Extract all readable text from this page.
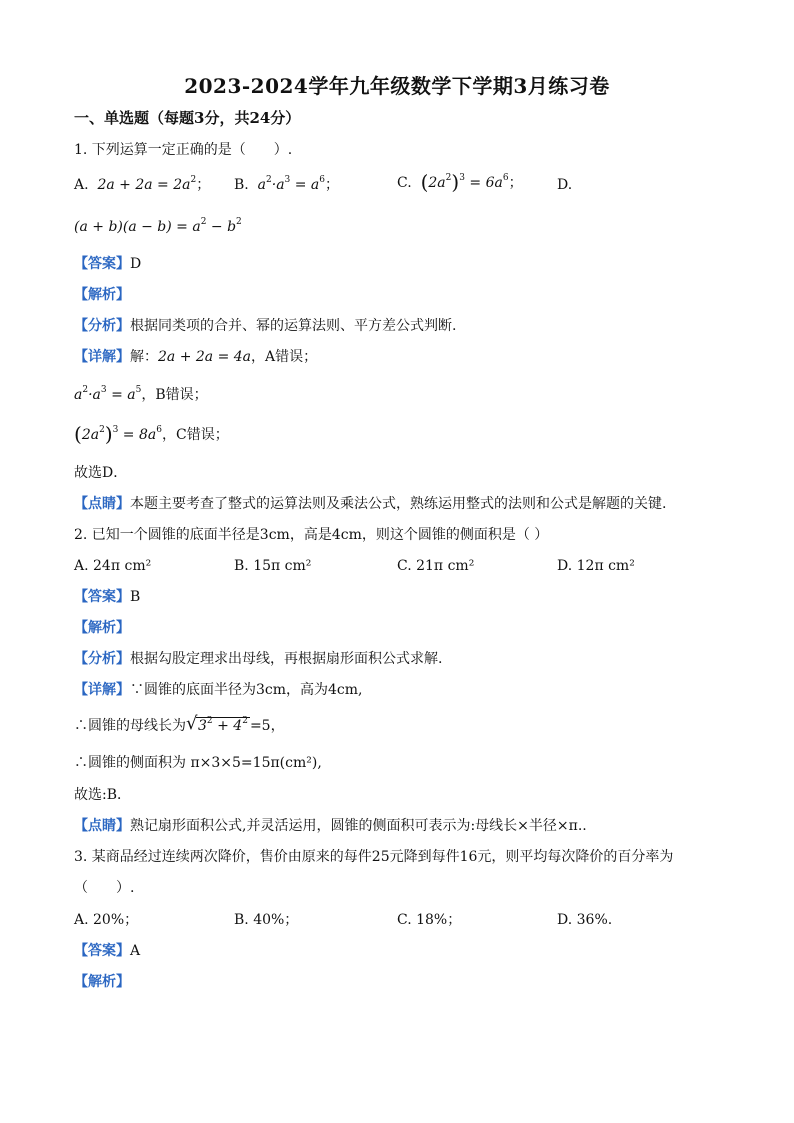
2023-2024学年九年级数学下学期3月练习卷
一、单选题（每题3分，共24分）
1. 下列运算一定正确的是（　　）.
A. $2a + 2a = 2a^2$； B. $a^2\cdot a^3 = a^6$；	C. $(2a^2)^3 = 6a^6$； D.
$(a + b)(a - b) = a^2 - b^2$
【答案】D
【解析】
【分析】根据同类项的合并、幂的运算法则、平方差公式判断.
【详解】解：2a + 2a = 4a，A错误；
$a^2\cdot a^3 = a^5$，B错误；
$(2a^2)^3 = 8a^6$，C错误；
故选D．
【点睛】本题主要考查了整式的运算法则及乘法公式，熟练运用整式的法则和公式是解题的关键.
2. 已知一个圆锥的底面半径是3cm，高是4cm，则这个圆锥的侧面积是（ ）
A. 24π cm²	B. 15π cm²	C. 21π cm²	D. 12π cm²
【答案】B
【解析】
【分析】根据勾股定理求出母线，再根据扇形面积公式求解.
【详解】∵圆锥的底面半径为3cm，高为4cm,
∴圆锥的母线长为 √ $3^2 + 4^2 =5$，
∴圆锥的侧面积为 π×3×5=15π(cm²),
故选:B．
【点睛】熟记扇形面积公式,并灵活运用，圆锥的侧面积可表示为:母线长×半径×π..
3. 某商品经过连续两次降价，售价由原来的每件25元降到每件16元，则平均每次降价的百分率为
（　　）.
A. 20%；	B. 40%；	C. 18%；	D. 36%.
【答案】A
【解析】
